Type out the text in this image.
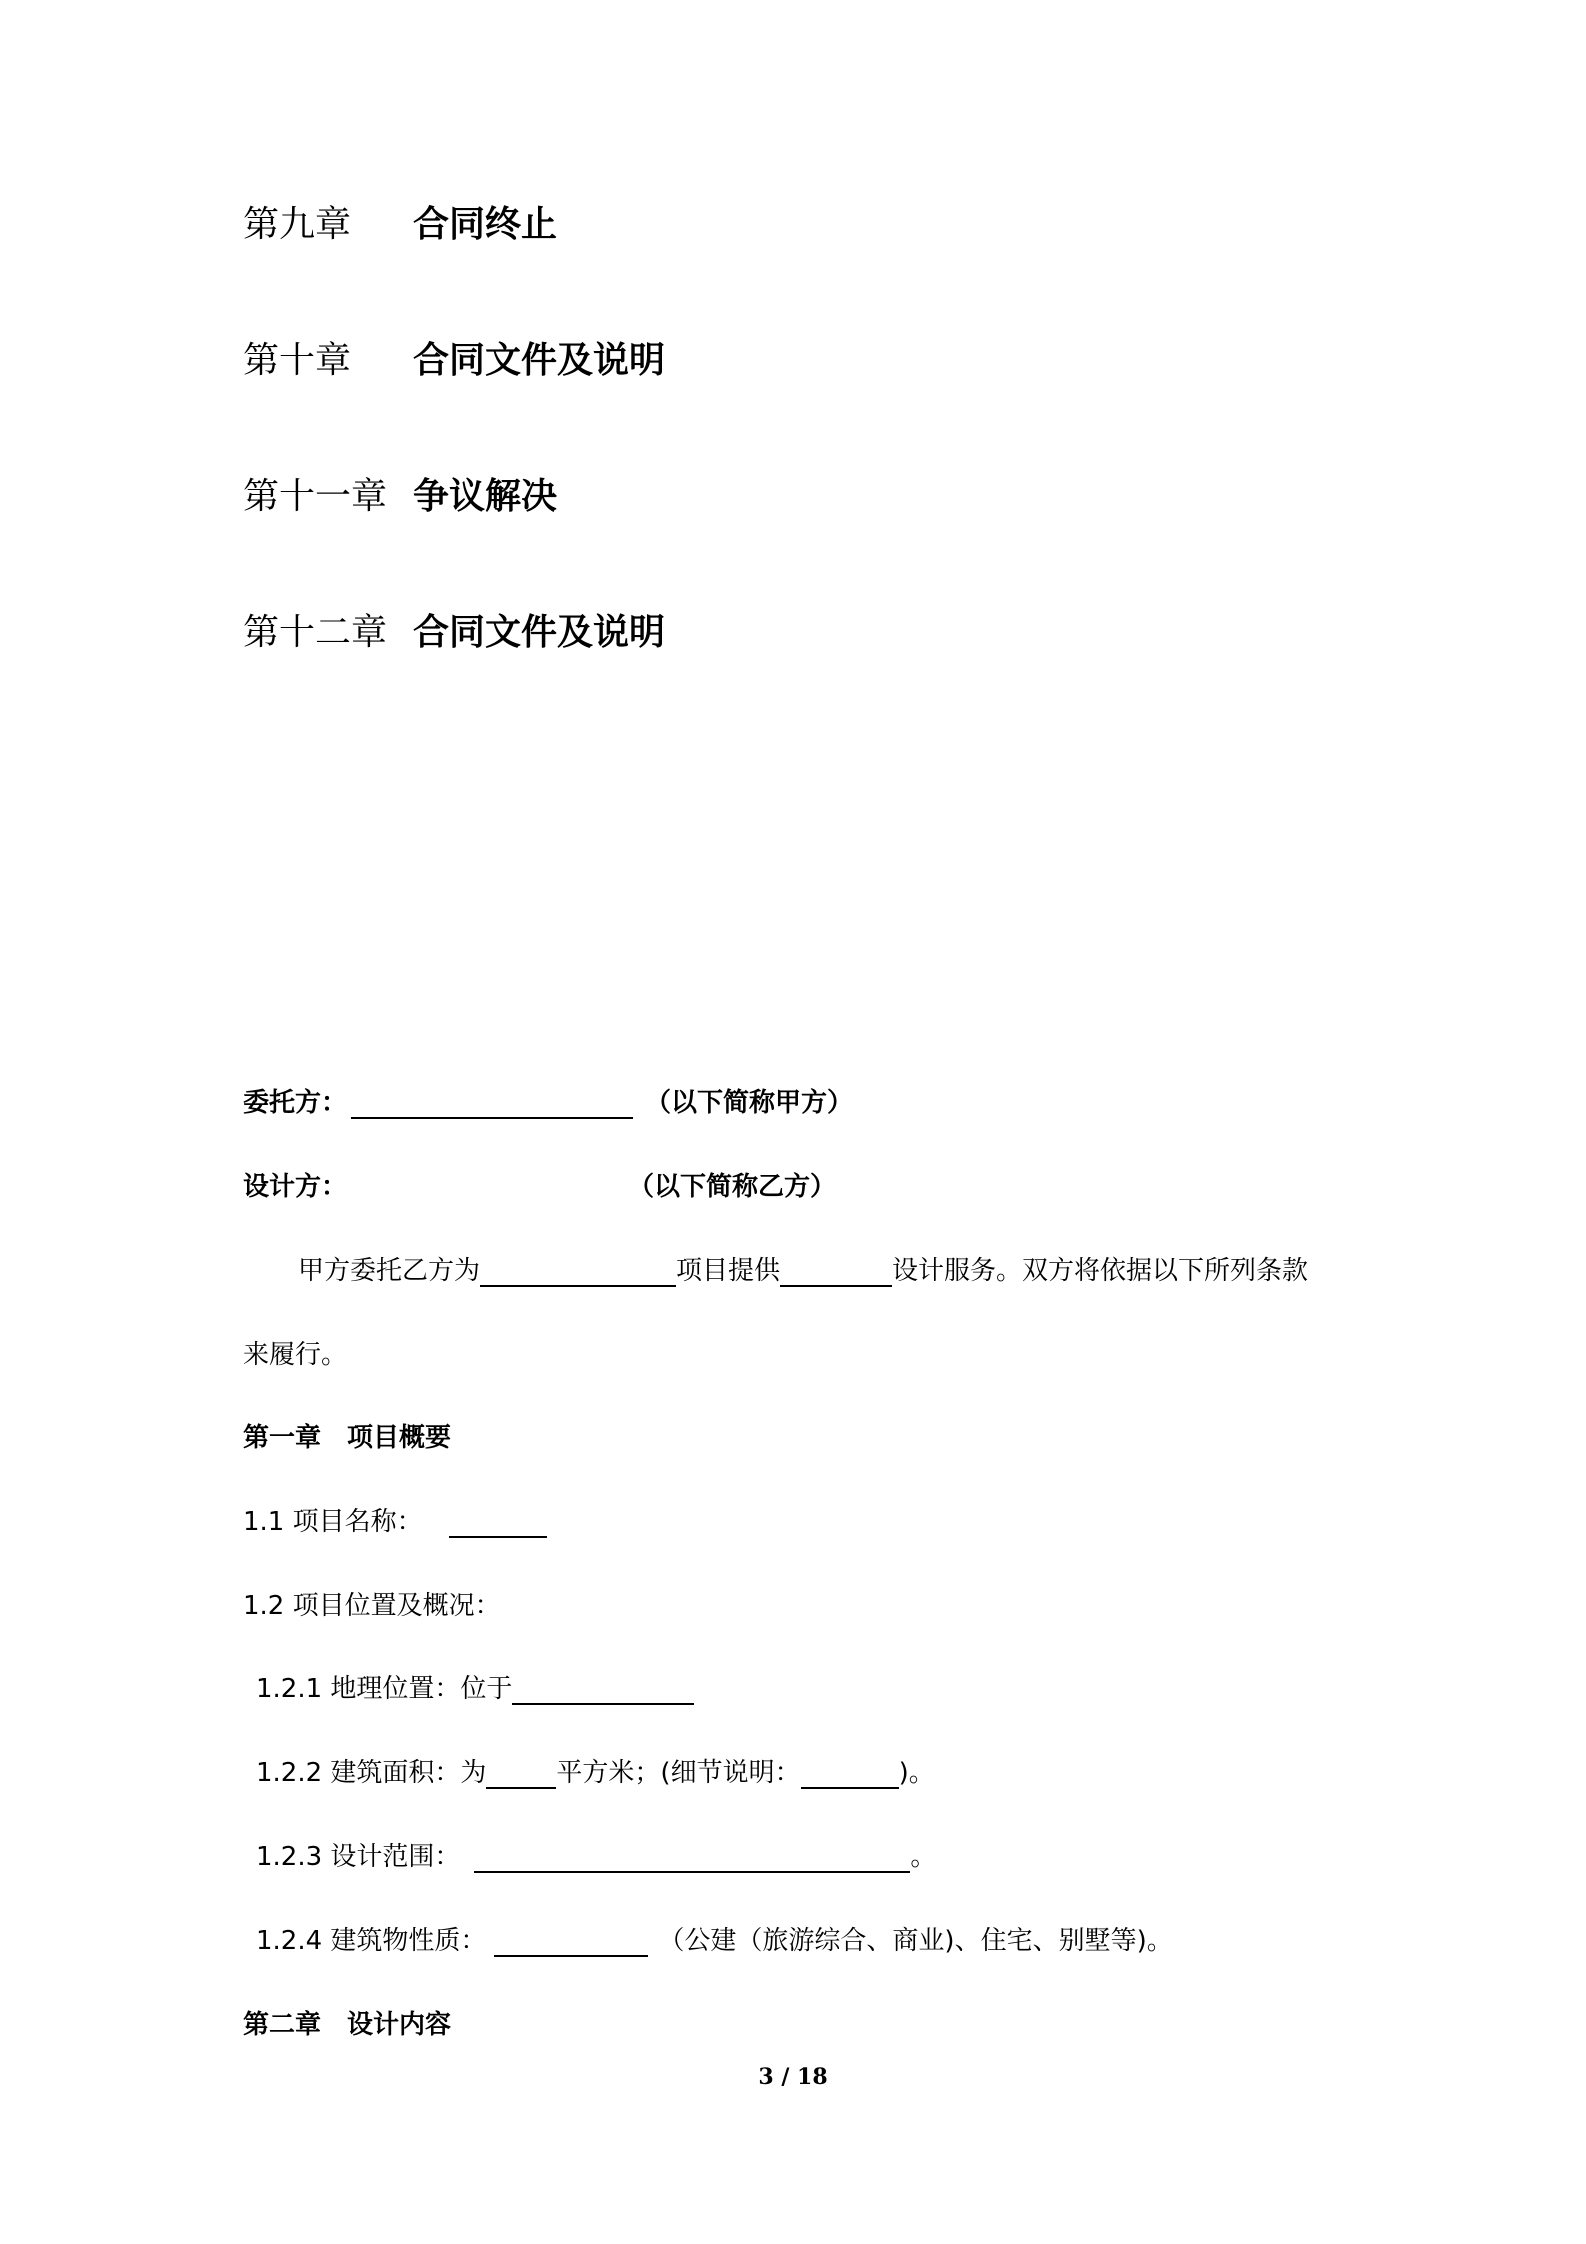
第九章	合同终止
第十章	合同文件及说明
第十一章 争议解决
第十二章 合同文件及说明
委托方：	（以下简称甲方）
设计方：	（以下简称乙方）
甲方委托乙方为	项目提供	设计服务。双方将依据以下所列条款
来履行。
第一章　项目概要
1.1 项目名称：
1.2 项目位置及概况：
1.2.1 地理位置：位于
1.2.2 建筑面积：为	平方米；(细节说明：	)。
1.2.3 设计范围：	。
1.2.4 建筑物性质：	（公建（旅游综合、商业)、住宅、别墅等)。
第二章　设计内容
3 / 18
